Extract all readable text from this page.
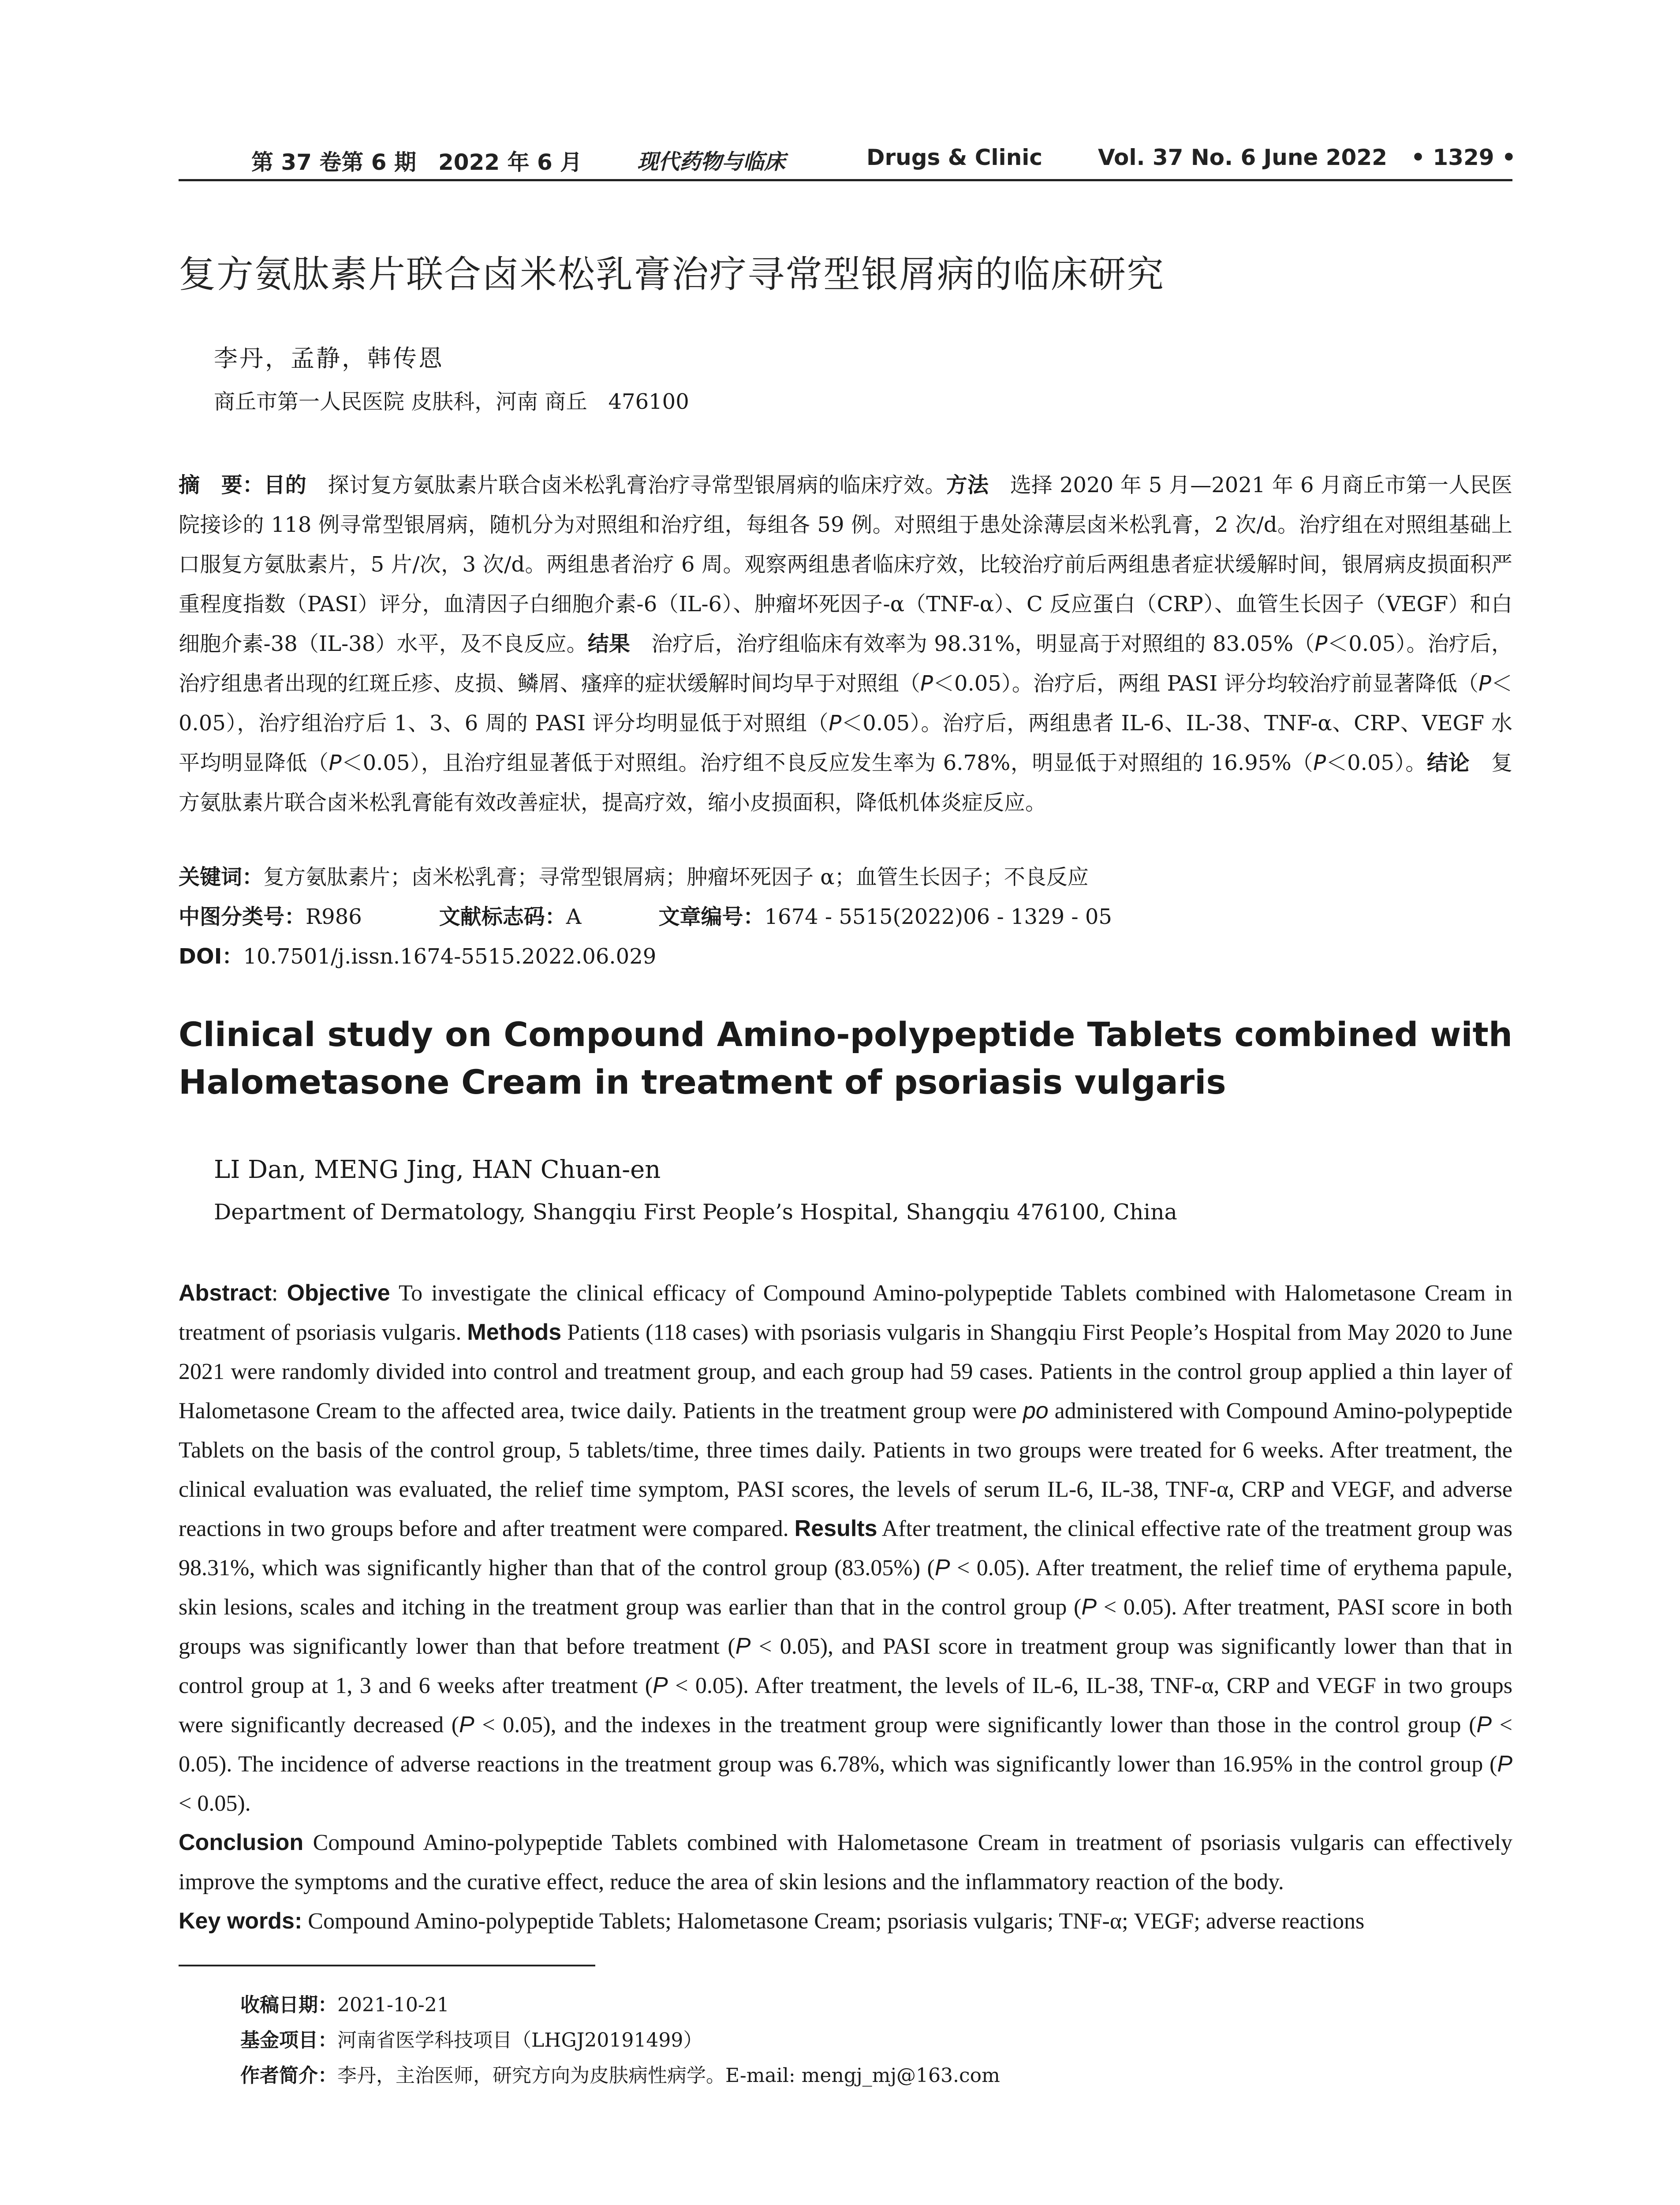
第 37 卷第 6 期　2022 年 6 月	现代药物与临床	Drugs & Clinic	Vol. 37 No. 6 June 2022 • 1329 •
复方氨肽素片联合卤米松乳膏治疗寻常型银屑病的临床研究
李丹，孟静，韩传恩
商丘市第一人民医院 皮肤科，河南 商丘　476100
摘　要：目的　探讨复方氨肽素片联合卤米松乳膏治疗寻常型银屑病的临床疗效。方法　选择 2020 年 5 月—2021 年 6 月商丘市第一人民医院接诊的 118 例寻常型银屑病，随机分为对照组和治疗组，每组各 59 例。对照组于患处涂薄层卤米松乳膏，2 次/d。治疗组在对照组基础上口服复方氨肽素片，5 片/次，3 次/d。两组患者治疗 6 周。观察两组患者临床疗效，比较治疗前后两组患者症状缓解时间，银屑病皮损面积严重程度指数（PASI）评分，血清因子白细胞介素-6（IL-6）、肿瘤坏死因子-α（TNF-α）、C 反应蛋白（CRP）、血管生长因子（VEGF）和白细胞介素-38（IL-38）水平，及不良反应。结果　治疗后，治疗组临床有效率为 98.31%，明显高于对照组的 83.05%（P＜0.05）。治疗后，治疗组患者出现的红斑丘疹、皮损、鳞屑、瘙痒的症状缓解时间均早于对照组（P＜0.05）。治疗后，两组 PASI 评分均较治疗前显著降低（P＜0.05），治疗组治疗后 1、3、6 周的 PASI 评分均明显低于对照组（P＜0.05）。治疗后，两组患者 IL-6、IL-38、TNF-α、CRP、VEGF 水平均明显降低（P＜0.05），且治疗组显著低于对照组。治疗组不良反应发生率为 6.78%，明显低于对照组的 16.95%（P＜0.05）。结论　复方氨肽素片联合卤米松乳膏能有效改善症状，提高疗效，缩小皮损面积，降低机体炎症反应。
关键词：复方氨肽素片；卤米松乳膏；寻常型银屑病；肿瘤坏死因子 α；血管生长因子；不良反应
中图分类号：R986	文献标志码：A	文章编号：1674 - 5515(2022)06 - 1329 - 05
DOI：10.7501/j.issn.1674-5515.2022.06.029
Clinical study on Compound Amino-polypeptide Tablets combined with
Halometasone Cream in treatment of psoriasis vulgaris
LI Dan, MENG Jing, HAN Chuan-en
Department of Dermatology, Shangqiu First People’s Hospital, Shangqiu 476100, China
Abstract: Objective To investigate the clinical efficacy of Compound Amino-polypeptide Tablets combined with Halometasone Cream in treatment of psoriasis vulgaris. Methods Patients (118 cases) with psoriasis vulgaris in Shangqiu First People’s Hospital from May 2020 to June 2021 were randomly divided into control and treatment group, and each group had 59 cases. Patients in the control group applied a thin layer of Halometasone Cream to the affected area, twice daily. Patients in the treatment group were po administered with Compound Amino-polypeptide Tablets on the basis of the control group, 5 tablets/time, three times daily. Patients in two groups were treated for 6 weeks. After treatment, the clinical evaluation was evaluated, the relief time symptom, PASI scores, the levels of serum IL-6, IL-38, TNF-α, CRP and VEGF, and adverse reactions in two groups before and after treatment were compared. Results After treatment, the clinical effective rate of the treatment group was 98.31%, which was significantly higher than that of the control group (83.05%) (P < 0.05). After treatment, the relief time of erythema papule, skin lesions, scales and itching in the treatment group was earlier than that in the control group (P < 0.05). After treatment, PASI score in both groups was significantly lower than that before treatment (P < 0.05), and PASI score in treatment group was significantly lower than that in control group at 1, 3 and 6 weeks after treatment (P < 0.05). After treatment, the levels of IL-6, IL-38, TNF-α, CRP and VEGF in two groups were significantly decreased (P < 0.05), and the indexes in the treatment group were significantly lower than those in the control group (P < 0.05). The incidence of adverse reactions in the treatment group was 6.78%, which was significantly lower than 16.95% in the control group (P < 0.05).
Conclusion Compound Amino-polypeptide Tablets combined with Halometasone Cream in treatment of psoriasis vulgaris can effectively improve the symptoms and the curative effect, reduce the area of skin lesions and the inflammatory reaction of the body.
Key words: Compound Amino-polypeptide Tablets; Halometasone Cream; psoriasis vulgaris; TNF-α; VEGF; adverse reactions
收稿日期：2021-10-21
基金项目：河南省医学科技项目（LHGJ20191499）
作者简介：李丹，主治医师，研究方向为皮肤病性病学。E-mail: mengj_mj@163.com
